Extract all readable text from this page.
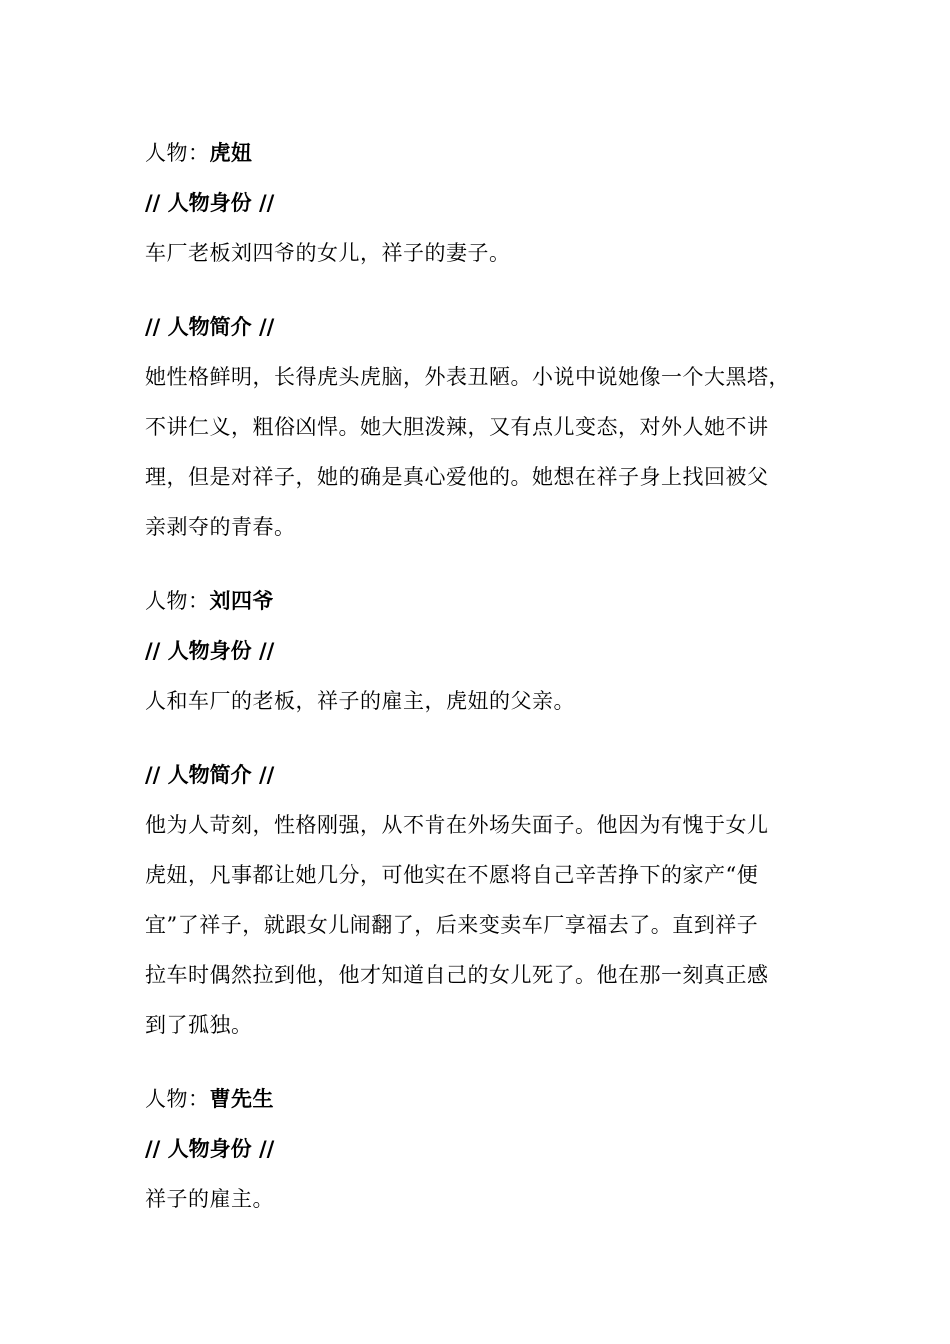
人物：虎妞
// 人物身份 //
车厂老板刘四爷的女儿，祥子的妻子。
// 人物简介 //
她性格鲜明，长得虎头虎脑，外表丑陋。小说中说她像一个大黑塔，
不讲仁义，粗俗凶悍。她大胆泼辣，又有点儿变态，对外人她不讲
理，但是对祥子，她的确是真心爱他的。她想在祥子身上找回被父
亲剥夺的青春。
人物：刘四爷
// 人物身份 //
人和车厂的老板，祥子的雇主，虎妞的父亲。
// 人物简介 //
他为人苛刻，性格刚强，从不肯在外场失面子。他因为有愧于女儿
虎妞，凡事都让她几分，可他实在不愿将自己辛苦挣下的家产“便
宜”了祥子，就跟女儿闹翻了，后来变卖车厂享福去了。直到祥子
拉车时偶然拉到他，他才知道自己的女儿死了。他在那一刻真正感
到了孤独。
人物：曹先生
// 人物身份 //
祥子的雇主。
